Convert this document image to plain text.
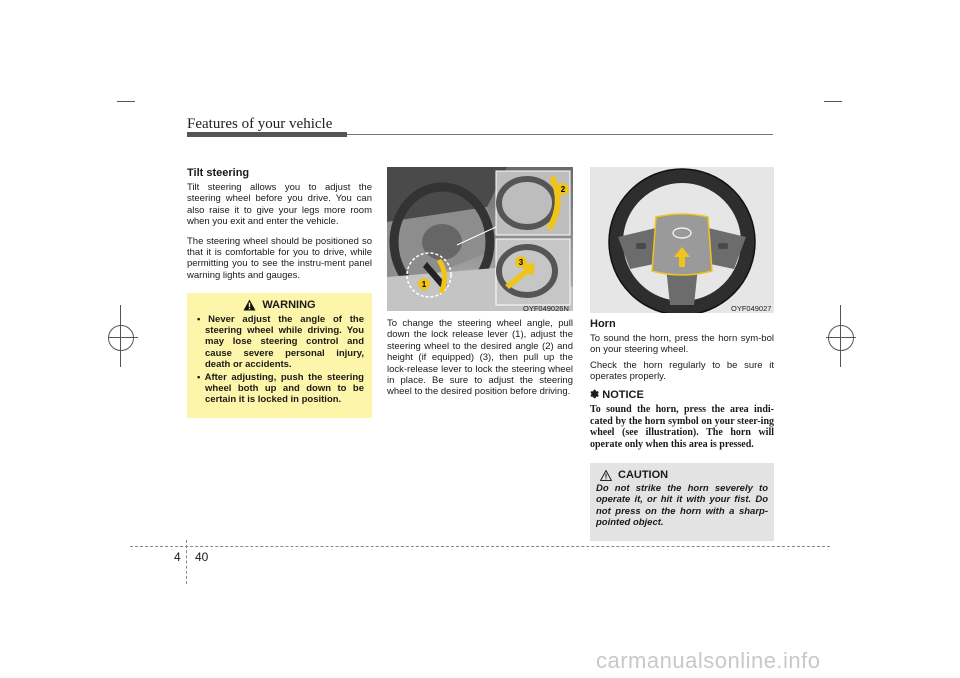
Features of your vehicle
Tilt steering

Tilt steering allows you to adjust the steering wheel before you drive. You can also raise it to give your legs more room when you exit and enter the vehicle.

The steering wheel should be positioned so that it is comfortable for you to drive, while permitting you to see the instru-ment panel warning lights and gauges.

WARNING
• Never adjust the angle of the steering wheel while driving. You may lose steering control and cause severe personal injury, death or accidents.
• After adjusting, push the steering wheel both up and down to be certain it is locked in position.
1
2
3
OYF049026N

To change the steering wheel angle, pull down the lock release lever (1), adjust the steering wheel to the desired angle (2) and height (if equipped) (3), then pull up the lock-release lever to lock the steering wheel in place. Be sure to adjust the steering wheel to the desired position before driving.

OYF049027
Horn

To sound the horn, press the horn sym-bol on your steering wheel.

Check the horn regularly to be sure it operates properly.

✽ NOTICE
To sound the horn, press the area indi-cated by the horn symbol on your steer-ing wheel (see illustration). The horn will operate only when this area is pressed.
CAUTION
Do not strike the horn severely to operate it, or hit it with your fist. Do not press on the horn with a sharp-pointed object.
4 40
carmanualsonline.info
